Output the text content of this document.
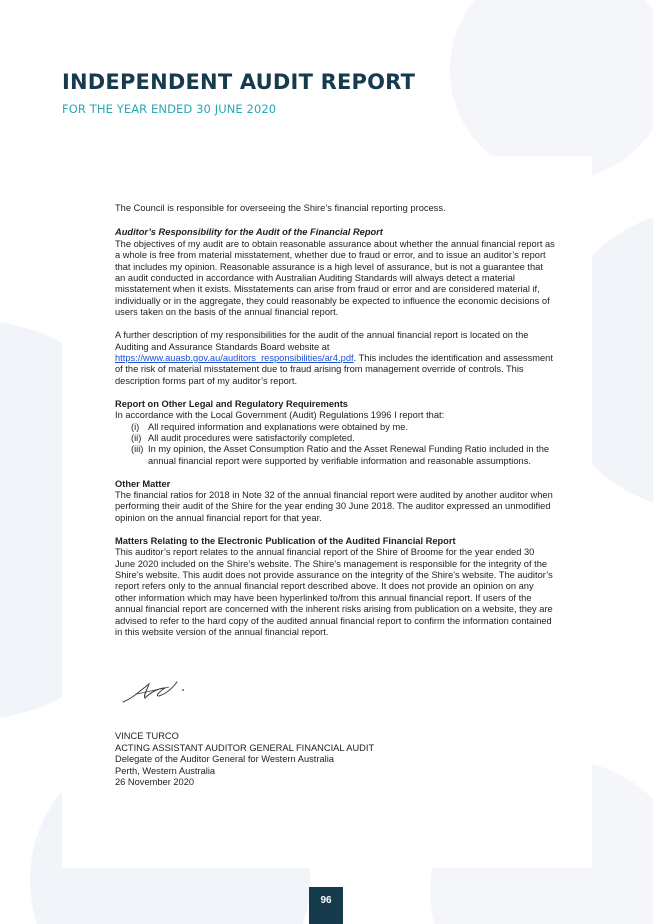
INDEPENDENT AUDIT REPORT
FOR THE YEAR ENDED 30 JUNE 2020

The Council is responsible for overseeing the Shire’s financial reporting process.

Auditor’s Responsibility for the Audit of the Financial Report
The objectives of my audit are to obtain reasonable assurance about whether the annual financial report as a whole is free from material misstatement, whether due to fraud or error, and to issue an auditor’s report that includes my opinion. Reasonable assurance is a high level of assurance, but is not a guarantee that an audit conducted in accordance with Australian Auditing Standards will always detect a material misstatement when it exists. Misstatements can arise from fraud or error and are considered material if, individually or in the aggregate, they could reasonably be expected to influence the economic decisions of users taken on the basis of the annual financial report.

A further description of my responsibilities for the audit of the annual financial report is located on the Auditing and Assurance Standards Board website at
https://www.auasb.gov.au/auditors_responsibilities/ar4.pdf. This includes the identification and assessment of the risk of material misstatement due to fraud arising from management override of controls. This description forms part of my auditor’s report.

Report on Other Legal and Regulatory Requirements
In accordance with the Local Government (Audit) Regulations 1996 I report that:
(i) All required information and explanations were obtained by me.
(ii) All audit procedures were satisfactorily completed.
(iii) In my opinion, the Asset Consumption Ratio and the Asset Renewal Funding Ratio included in the annual financial report were supported by verifiable information and reasonable assumptions.
Other Matter
The financial ratios for 2018 in Note 32 of the annual financial report were audited by another auditor when performing their audit of the Shire for the year ending 30 June 2018. The auditor expressed an unmodified opinion on the annual financial report for that year.
Matters Relating to the Electronic Publication of the Audited Financial Report
This auditor’s report relates to the annual financial report of the Shire of Broome for the year ended 30 June 2020 included on the Shire’s website. The Shire’s management is responsible for the integrity of the Shire’s website. This audit does not provide assurance on the integrity of the Shire’s website. The auditor’s report refers only to the annual financial report described above. It does not provide an opinion on any other information which may have been hyperlinked to/from this annual financial report. If users of the annual financial report are concerned with the inherent risks arising from publication on a website, they are advised to refer to the hard copy of the audited annual financial report to confirm the information contained in this website version of the annual financial report.
VINCE TURCO
ACTING ASSISTANT AUDITOR GENERAL FINANCIAL AUDIT
Delegate of the Auditor General for Western Australia
Perth, Western Australia
26 November 2020
96
